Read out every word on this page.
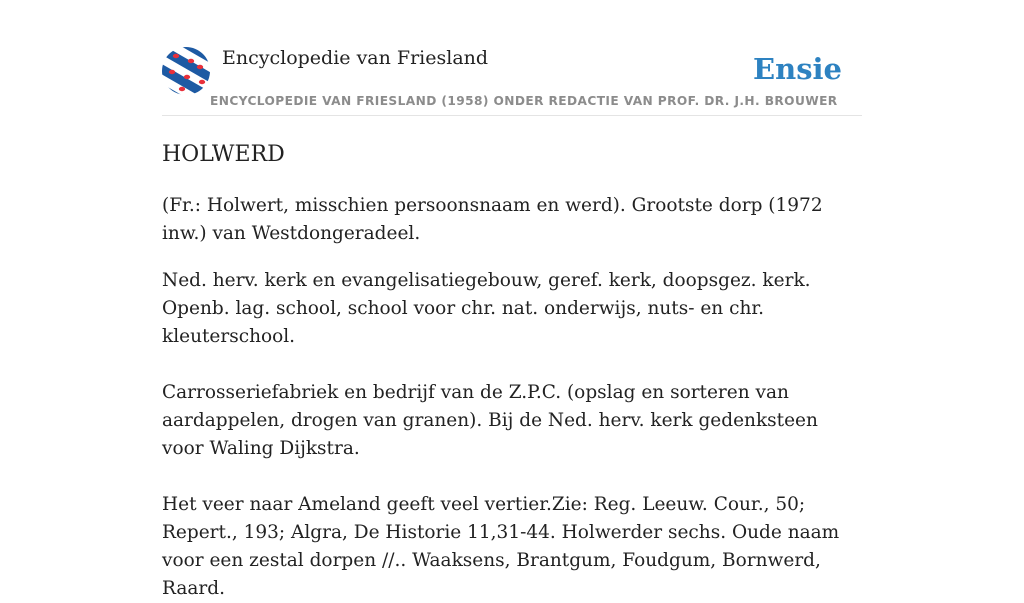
Encyclopedie van Friesland	Ensie
ENCYCLOPEDIE VAN FRIESLAND (1958) ONDER REDACTIE VAN PROF. DR. J.H. BROUWER
HOLWERD

(Fr.: Holwert, misschien persoonsnaam en werd). Grootste dorp (1972 inw.) van Westdongeradeel.

Ned. herv. kerk en evangelisatiegebouw, geref. kerk, doopsgez. kerk. Openb. lag. school, school voor chr. nat. onderwijs, nuts- en chr. kleuterschool.

Carrosseriefabriek en bedrijf van de Z.P.C. (opslag en sorteren van aardappelen, drogen van granen). Bij de Ned. herv. kerk gedenksteen voor Waling Dijkstra.

Het veer naar Ameland geeft veel vertier.Zie: Reg. Leeuw. Cour., 50; Repert., 193; Algra, De Historie 11,31-44. Holwerder sechs. Oude naam voor een zestal dorpen //.. Waaksens, Brantgum, Foudgum, Bornwerd, Raard.
